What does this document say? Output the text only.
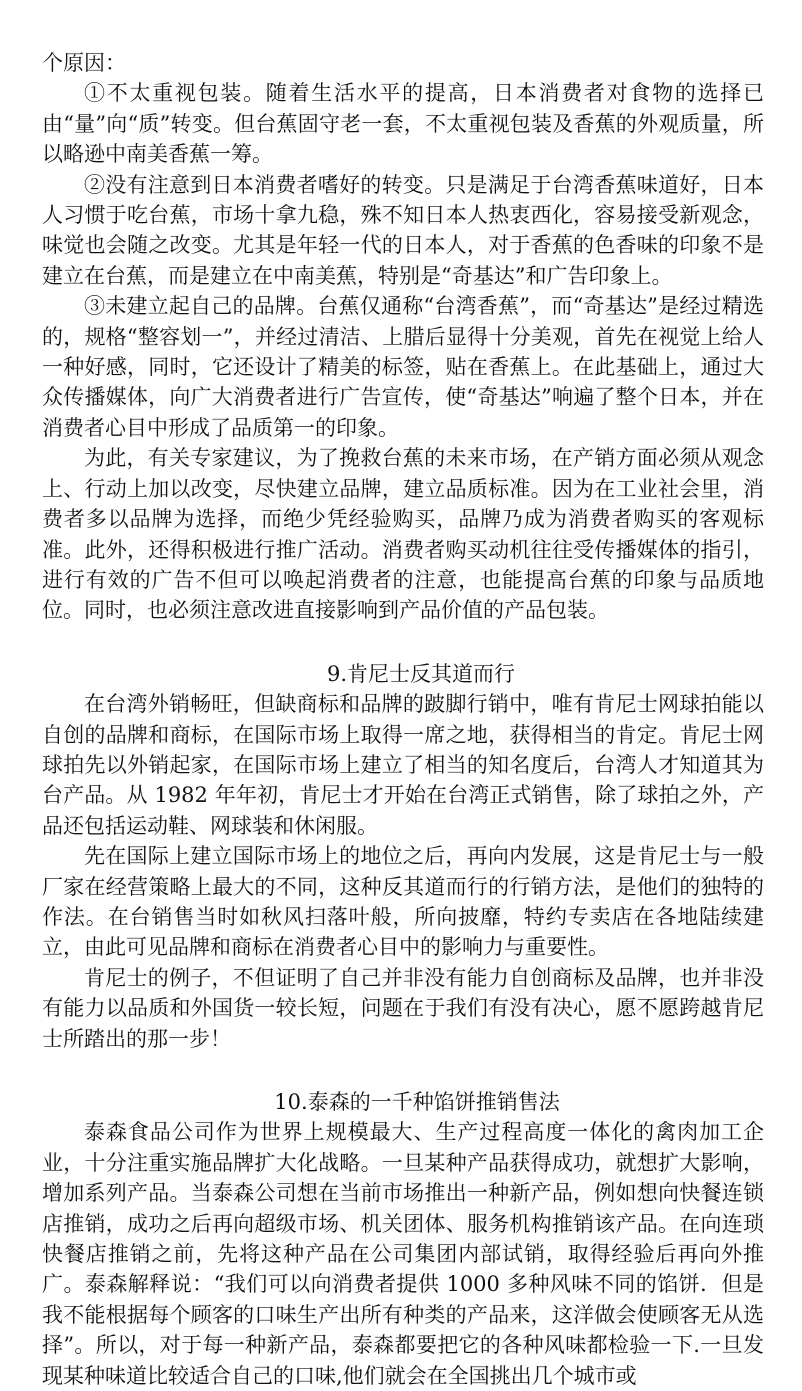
个原因：

①不太重视包装。随着生活水平的提高，日本消费者对食物的选择已由“量”向“质”转变。但台蕉固守老一套，不太重视包装及香蕉的外观质量，所以略逊中南美香蕉一筹。

②没有注意到日本消费者嗜好的转变。只是满足于台湾香蕉味道好，日本人习惯于吃台蕉，市场十拿九稳，殊不知日本人热衷西化，容易接受新观念，味觉也会随之改变。尤其是年轻一代的日本人，对于香蕉的色香味的印象不是建立在台蕉，而是建立在中南美蕉，特别是“奇基达”和广告印象上。

③未建立起自己的品牌。台蕉仅通称“台湾香蕉”，而“奇基达”是经过精选的，规格“整容划一”，并经过清洁、上腊后显得十分美观，首先在视觉上给人一种好感，同时，它还设计了精美的标签，贴在香蕉上。在此基础上，通过大众传播媒体，向广大消费者进行广告宣传，使“奇基达”响遍了整个日本，并在消费者心目中形成了品质第一的印象。

为此，有关专家建议，为了挽救台蕉的未来市场，在产销方面必须从观念上、行动上加以改变，尽快建立品牌，建立品质标准。因为在工业社会里，消费者多以品牌为选择，而绝少凭经验购买，品牌乃成为消费者购买的客观标准。此外，还得积极进行推广活动。消费者购买动机往往受传播媒体的指引，进行有效的广告不但可以唤起消费者的注意，也能提高台蕉的印象与品质地位。同时，也必须注意改进直接影响到产品价值的产品包装。

9.肯尼士反其道而行

在台湾外销畅旺，但缺商标和品牌的跛脚行销中，唯有肯尼士网球拍能以自创的品牌和商标，在国际市场上取得一席之地，获得相当的肯定。肯尼士网球拍先以外销起家，在国际市场上建立了相当的知名度后，台湾人才知道其为台产品。从 1982 年年初，肯尼士才开始在台湾正式销售，除了球拍之外，产品还包括运动鞋、网球装和休闲服。

先在国际上建立国际市场上的地位之后，再向内发展，这是肯尼士与一般厂家在经营策略上最大的不同，这种反其道而行的行销方法，是他们的独特的作法。在台销售当时如秋风扫落叶般，所向披靡，特约专卖店在各地陆续建立，由此可见品牌和商标在消费者心目中的影响力与重要性。

肯尼士的例子，不但证明了自己并非没有能力自创商标及品牌，也并非没有能力以品质和外国货一较长短，问题在于我们有没有决心，愿不愿跨越肯尼士所踏出的那一步！

10.泰森的一千种馅饼推销售法

泰森食品公司作为世界上规模最大、生产过程高度一体化的禽肉加工企业，十分注重实施品牌扩大化战略。一旦某种产品获得成功，就想扩大影响，增加系列产品。当泰森公司想在当前市场推出一种新产品，例如想向快餐连锁店推销，成功之后再向超级市场、机关团体、服务机构推销该产品。在向连琐快餐店推销之前，先将这种产品在公司集团内部试销，取得经验后再向外推广。泰森解释说：“我们可以向消费者提供 1000 多种风味不同的馅饼．但是我不能根据每个顾客的口味生产出所有种类的产品来，这洋做会使顾客无从选择”。所以，对于每一种新产品，泰森都要把它的各种风味都检验一下.一旦发现某种味道比较适合自己的口味,他们就会在全国挑出几个城市或
